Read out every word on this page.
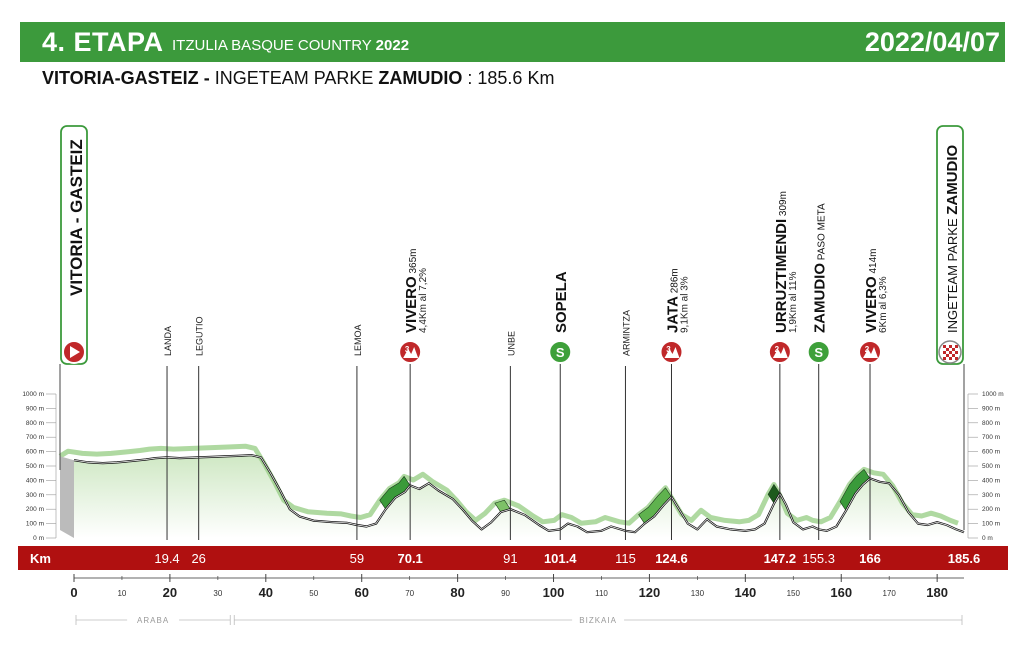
4. ETAPA ITZULIA BASQUE COUNTRY 2022	2022/04/07
VITORIA-GASTEIZ - INGETEAM PARKE ZAMUDIO : 185.6 Km
1000 m	1000 m
900 m	900 m
800 m	800 m
700 m	700 m
600 m	600 m
500 m	500 m
400 m	400 m
300 m	300 m
200 m	200 m
100 m	100 m
0 m	0 m
Km	19.4 26	59	70.1	91 101.4	115 124.6	147.2 155.3 166	185.6
0	20	40	60	80	100	120	140	160	180
10	30	50	70	90	110	130	150	170
ARABA	BIZKAIA
VITORIA - GASTEIZ	INGETEAM PARKE ZAMUDIO
LANDA LEGUTIO	LEMOA	3
VIVERO 365m
4,4Km al 7,2%
UNBE	S
SOPELA	ARMINTZA	3
JATA 286m 9,1Km al 3%
2
URRUZTIMENDI 309m
1,9Km al 11%
S
ZAMUDIO PASO META
2
VIVERO 414m
6Km al 6,3%
